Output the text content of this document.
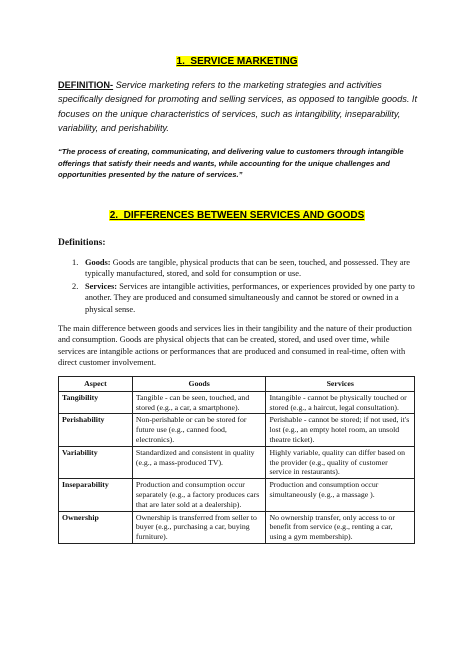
1. SERVICE MARKETING
DEFINITION- Service marketing refers to the marketing strategies and activities specifically designed for promoting and selling services, as opposed to tangible goods. It focuses on the unique characteristics of services, such as intangibility, inseparability, variability, and perishability.
“The process of creating, communicating, and delivering value to customers through intangible offerings that satisfy their needs and wants, while accounting for the unique challenges and opportunities presented by the nature of services.”
2. DIFFERENCES BETWEEN SERVICES AND GOODS
Definitions:
1. Goods: Goods are tangible, physical products that can be seen, touched, and possessed. They are typically manufactured, stored, and sold for consumption or use.
2. Services: Services are intangible activities, performances, or experiences provided by one party to another. They are produced and consumed simultaneously and cannot be stored or owned in a physical sense.
The main difference between goods and services lies in their tangibility and the nature of their production and consumption. Goods are physical objects that can be created, stored, and used over time, while services are intangible actions or performances that are produced and consumed in real-time, often with direct customer involvement.
Aspect	Goods	Services
Tangibility	Tangible - can be seen, touched, and stored (e.g., a car, a smartphone).	Intangible - cannot be physically touched or stored (e.g., a haircut, legal consultation).
Perishability	Non-perishable or can be stored for future use (e.g., canned food, electronics).	Perishable - cannot be stored; if not used, it's lost (e.g., an empty hotel room, an unsold theatre ticket).
Variability	Standardized and consistent in quality (e.g., a mass-produced TV).	Highly variable, quality can differ based on the provider (e.g., quality of customer service in restaurants).
Inseparability	Production and consumption occur separately (e.g., a factory produces cars that are later sold at a dealership).	Production and consumption occur simultaneously (e.g., a massage ).
Ownership	Ownership is transferred from seller to buyer (e.g., purchasing a car, buying furniture).	No ownership transfer, only access to or benefit from service (e.g., renting a car, using a gym membership).
